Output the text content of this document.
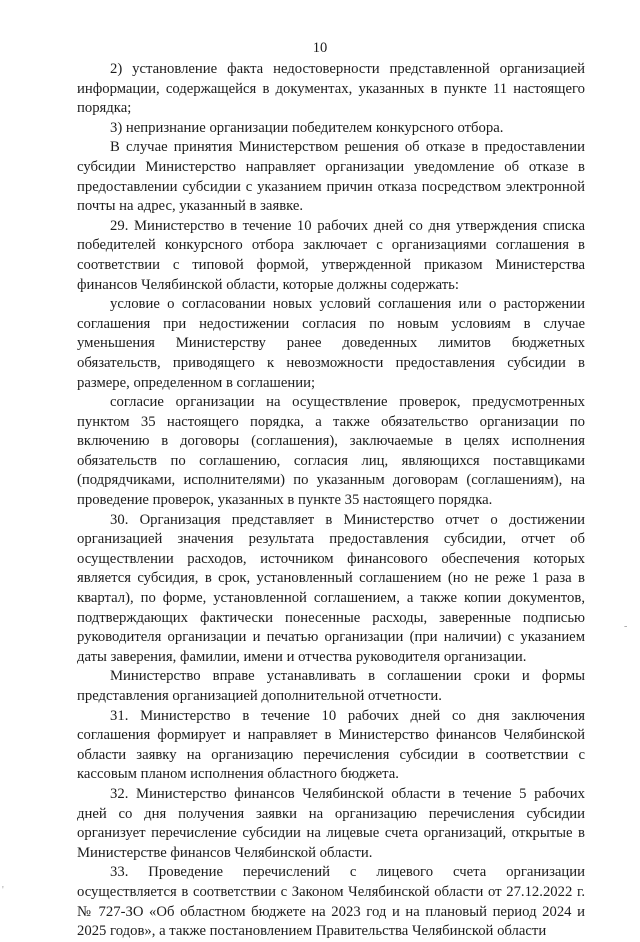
10

2) установление факта недостоверности представленной организацией информации, содержащейся в документах, указанных в пункте 11 настоящего порядка;

3) непризнание организации победителем конкурсного отбора.

В случае принятия Министерством решения об отказе в предоставлении субсидии Министерство направляет организации уведомление об отказе в предоставлении субсидии с указанием причин отказа посредством электронной почты на адрес, указанный в заявке.

29. Министерство в течение 10 рабочих дней со дня утверждения списка победителей конкурсного отбора заключает с организациями соглашения в соответствии с типовой формой, утвержденной приказом Министерства финансов Челябинской области, которые должны содержать:

условие о согласовании новых условий соглашения или о расторжении соглашения при недостижении согласия по новым условиям в случае уменьшения Министерству ранее доведенных лимитов бюджетных обязательств, приводящего к невозможности предоставления субсидии в размере, определенном в соглашении;

согласие организации на осуществление проверок, предусмотренных пунктом 35 настоящего порядка, а также обязательство организации по включению в договоры (соглашения), заключаемые в целях исполнения обязательств по соглашению, согласия лиц, являющихся поставщиками (подрядчиками, исполнителями) по указанным договорам (соглашениям), на проведение проверок, указанных в пункте 35 настоящего порядка.

30. Организация представляет в Министерство отчет о достижении организацией значения результата предоставления субсидии, отчет об осуществлении расходов, источником финансового обеспечения которых является субсидия, в срок, установленный соглашением (но не реже 1 раза в квартал), по форме, установленной соглашением, а также копии документов, подтверждающих фактически понесенные расходы, заверенные подписью руководителя организации и печатью организации (при наличии) с указанием даты заверения, фамилии, имени и отчества руководителя организации.

Министерство вправе устанавливать в соглашении сроки и формы представления организацией дополнительной отчетности.

31. Министерство в течение 10 рабочих дней со дня заключения соглашения формирует и направляет в Министерство финансов Челябинской области заявку на организацию перечисления субсидии в соответствии с кассовым планом исполнения областного бюджета.

32. Министерство финансов Челябинской области в течение 5 рабочих дней со дня получения заявки на организацию перечисления субсидии организует перечисление субсидии на лицевые счета организаций, открытые в Министерстве финансов Челябинской области.

33. Проведение перечислений с лицевого счета организации осуществляется в соответствии с Законом Челябинской области от 27.12.2022 г. № 727-ЗО «Об областном бюджете на 2023 год и на плановый период 2024 и 2025 годов», а также постановлением Правительства Челябинской области

-
'
